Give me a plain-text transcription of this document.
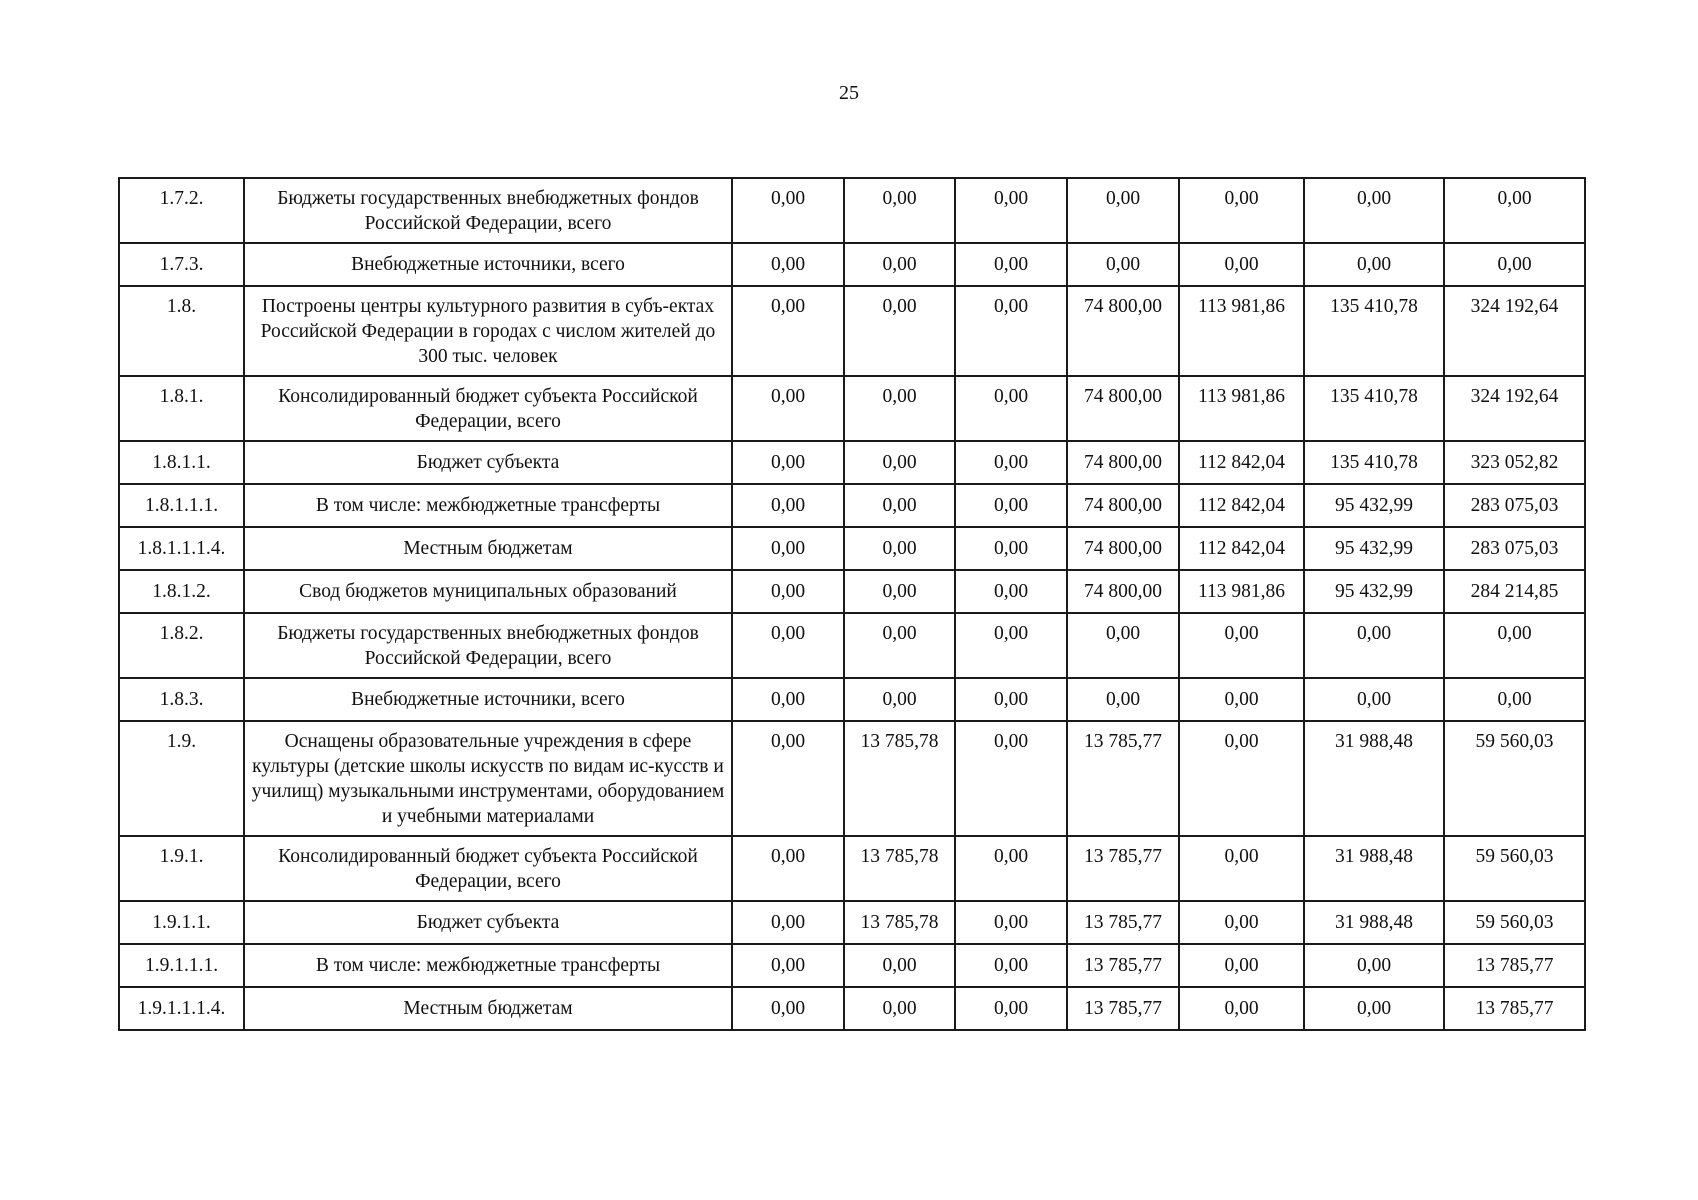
25
1.7.2.	Бюджеты государственных внебюджетных фондов Российской Федерации, всего	0,00	0,00	0,00	0,00	0,00	0,00	0,00
1.7.3.	Внебюджетные источники, всего	0,00	0,00	0,00	0,00	0,00	0,00	0,00
1.8.	Построены центры культурного развития в субъ-ектах Российской Федерации в городах с числом жителей до 300 тыс. человек	0,00	0,00	0,00	74 800,00	113 981,86	135 410,78	324 192,64
1.8.1.	Консолидированный бюджет субъекта Российской Федерации, всего	0,00	0,00	0,00	74 800,00	113 981,86	135 410,78	324 192,64
1.8.1.1.	Бюджет субъекта	0,00	0,00	0,00	74 800,00	112 842,04	135 410,78	323 052,82
1.8.1.1.1.	В том числе: межбюджетные трансферты	0,00	0,00	0,00	74 800,00	112 842,04	95 432,99	283 075,03
1.8.1.1.1.4.	Местным бюджетам	0,00	0,00	0,00	74 800,00	112 842,04	95 432,99	283 075,03
1.8.1.2.	Свод бюджетов муниципальных образований	0,00	0,00	0,00	74 800,00	113 981,86	95 432,99	284 214,85
1.8.2.	Бюджеты государственных внебюджетных фондов Российской Федерации, всего	0,00	0,00	0,00	0,00	0,00	0,00	0,00
1.8.3.	Внебюджетные источники, всего	0,00	0,00	0,00	0,00	0,00	0,00	0,00
1.9.	Оснащены образовательные учреждения в сфере культуры (детские школы искусств по видам ис-кусств и училищ) музыкальными инструментами, оборудованием и учебными материалами	0,00	13 785,78	0,00	13 785,77	0,00	31 988,48	59 560,03
1.9.1.	Консолидированный бюджет субъекта Российской Федерации, всего	0,00	13 785,78	0,00	13 785,77	0,00	31 988,48	59 560,03
1.9.1.1.	Бюджет субъекта	0,00	13 785,78	0,00	13 785,77	0,00	31 988,48	59 560,03
1.9.1.1.1.	В том числе: межбюджетные трансферты	0,00	0,00	0,00	13 785,77	0,00	0,00	13 785,77
1.9.1.1.1.4.	Местным бюджетам	0,00	0,00	0,00	13 785,77	0,00	0,00	13 785,77
